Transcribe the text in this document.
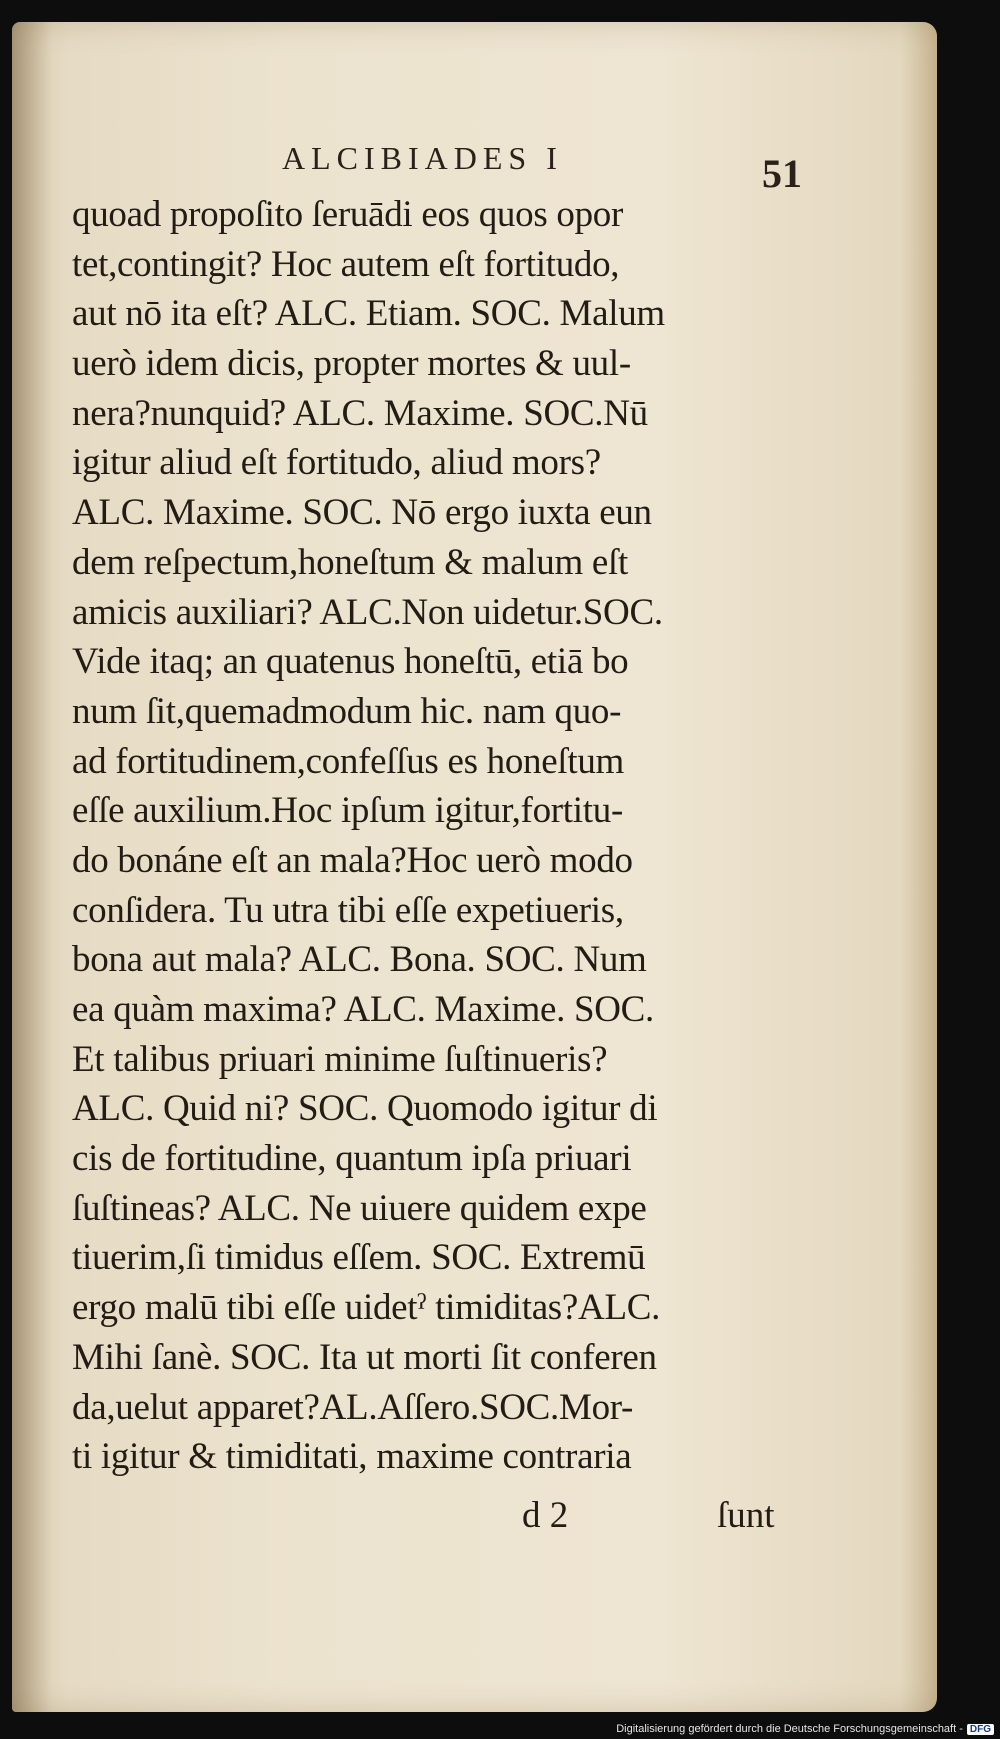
ALCIBIADES I	51
quoad propoſito ſeruādi eos quos opor
tet,contingit? Hoc autem eſt fortitudo,
aut nō ita eſt? ALC. Etiam. SOC. Malum
uerò idem dicis, propter mortes & uul-
nera?nunquid? ALC. Maxime. SOC.Nū
igitur aliud eſt fortitudo, aliud mors?
ALC. Maxime. SOC. Nō ergo iuxta eun
dem reſpectum,honeſtum & malum eſt
amicis auxiliari? ALC.Non uidetur.SOC.
Vide itaq; an quatenus honeſtū, etiā bo
num ſit,quemadmodum hic. nam quo-
ad fortitudinem,confeſſus es honeſtum
eſſe auxilium.Hoc ipſum igitur,fortitu-
do bonáne eſt an mala?Hoc uerò modo
conſidera. Tu utra tibi eſſe expetiueris,
bona aut mala? ALC. Bona. SOC. Num
ea quàm maxima? ALC. Maxime. SOC.
Et talibus priuari minime ſuſtinueris?
ALC. Quid ni? SOC. Quomodo igitur di
cis de fortitudine, quantum ipſa priuari
ſuſtineas? ALC. Ne uiuere quidem expe
tiuerim,ſi timidus eſſem. SOC. Extremū
ergo malū tibi eſſe uidetˀ timiditas?ALC.
Mihi ſanè. SOC. Ita ut morti ſit conferen
da,uelut apparet?AL.Aſſero.SOC.Mor-
ti igitur & timiditati, maxime contraria
d 2	ſunt
Digitalisierung gefördert durch die Deutsche Forschungsgemeinschaft - DFG
